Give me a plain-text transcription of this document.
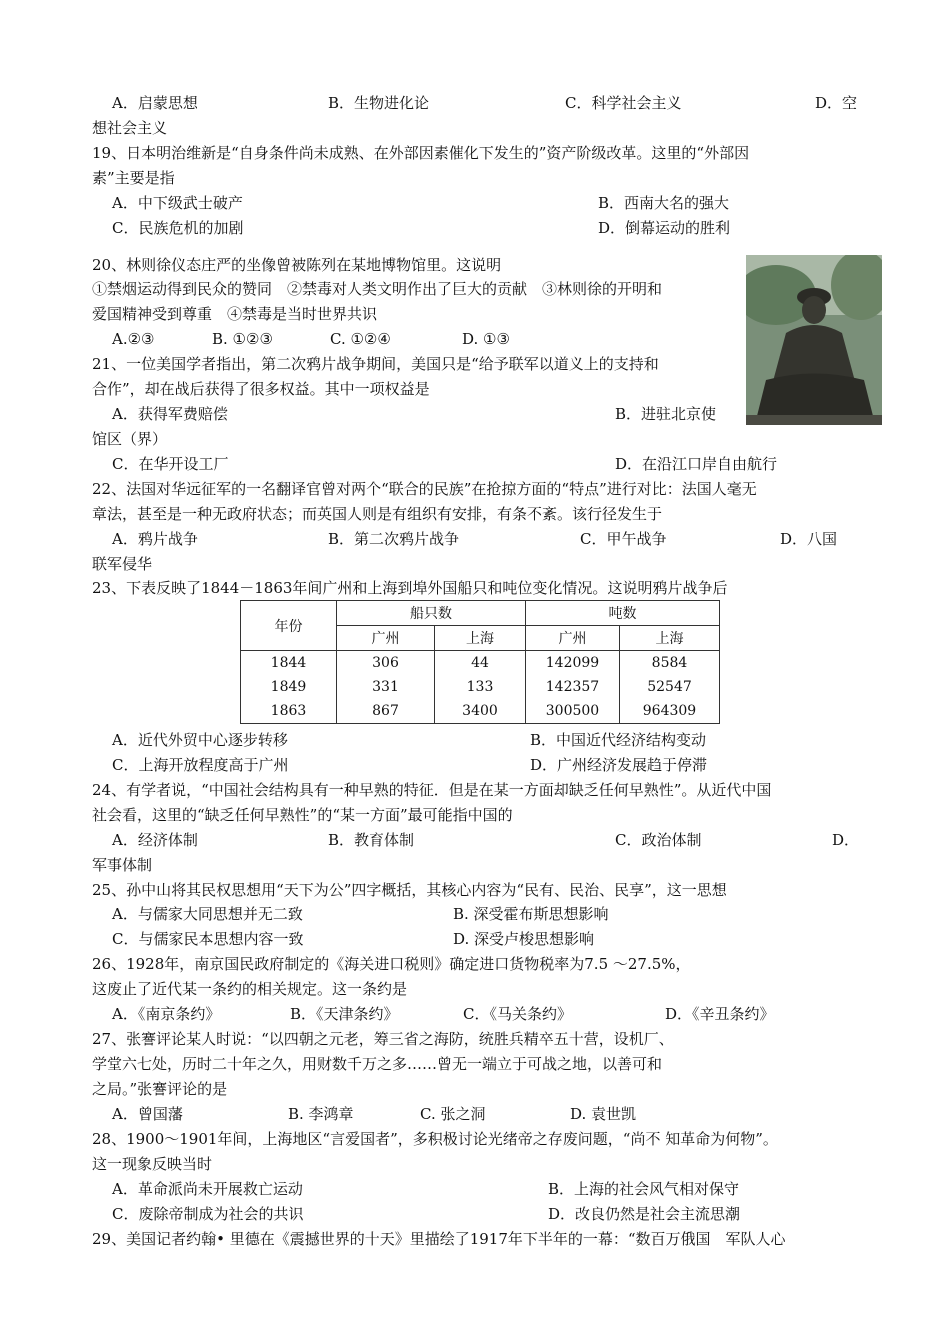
A．启蒙思想	B．生物进化论	C．科学社会主义	D．空
想社会主义
19、日本明治维新是“自身条件尚未成熟、在外部因素催化下发生的”资产阶级改革。这里的“外部因
素”主要是指
A．中下级武士破产	B．西南大名的强大
C．民族危机的加剧	D．倒幕运动的胜利
20、林则徐仪态庄严的坐像曾被陈列在某地博物馆里。这说明
①禁烟运动得到民众的赞同　②禁毒对人类文明作出了巨大的贡献　③林则徐的开明和
爱国精神受到尊重　④禁毒是当时世界共识
A.②③	B. ①②③	C. ①②④	D. ①③
21、一位美国学者指出，第二次鸦片战争期间，美国只是“给予联军以道义上的支持和
合作”，却在战后获得了很多权益。其中一项权益是
A．获得军费赔偿	B．进驻北京使
馆区（界）
C．在华开设工厂	D．在沿江口岸自由航行
22、法国对华远征军的一名翻译官曾对两个“联合的民族”在抢掠方面的“特点”进行对比：法国人毫无
章法，甚至是一种无政府状态；而英国人则是有组织有安排，有条不紊。该行径发生于
A．鸦片战争	B．第二次鸦片战争	C．甲午战争	D．八国
联军侵华
23、下表反映了1844－1863年间广州和上海到埠外国船只和吨位变化情况。这说明鸦片战争后
A．近代外贸中心逐步转移	B．中国近代经济结构变动
C．上海开放程度高于广州	D．广州经济发展趋于停滞
24、有学者说，“中国社会结构具有一种早熟的特征．但是在某一方面却缺乏任何早熟性”。从近代中国
社会看，这里的“缺乏任何早熟性”的“某一方面”最可能指中国的
A．经济体制	B．教育体制	C．政治体制	D．
军事体制
25、孙中山将其民权思想用“天下为公”四字概括，其核心内容为“民有、民治、民享”，这一思想
A．与儒家大同思想并无二致	B. 深受霍布斯思想影响
C．与儒家民本思想内容一致	D. 深受卢梭思想影响
26、1928年，南京国民政府制定的《海关进口税则》确定进口货物税率为7.5 ～27.5%，
这废止了近代某一条约的相关规定。这一条约是
A．《南京条约》	B．《天津条约》	C．《马关条约》	D．《辛丑条约》
27、张謇评论某人时说：“以四朝之元老，筹三省之海防，统胜兵精卒五十营，设机厂、
学堂六七处，历时二十年之久，用财数千万之多……曾无一端立于可战之地，以善可和
之局。”张謇评论的是
A．曾国藩	B. 李鸿章	C. 张之洞	D. 袁世凯
28、1900～1901年间，上海地区“言爱国者”，多积极讨论光绪帝之存废问题，“尚不 知革命为何物”。
这一现象反映当时
A．革命派尚未开展救亡运动	B．上海的社会风气相对保守
C．废除帝制成为社会的共识	D．改良仍然是社会主流思潮
29、美国记者约翰• 里德在《震撼世界的十天》里描绘了1917年下半年的一幕：“数百万俄国　军队人心
年份	船只数		吨数	
	广州	上海	广州	上海
1844	306	44	142099	8584
1849	331	133	142357	52547
1863	867	3400	300500	964309
